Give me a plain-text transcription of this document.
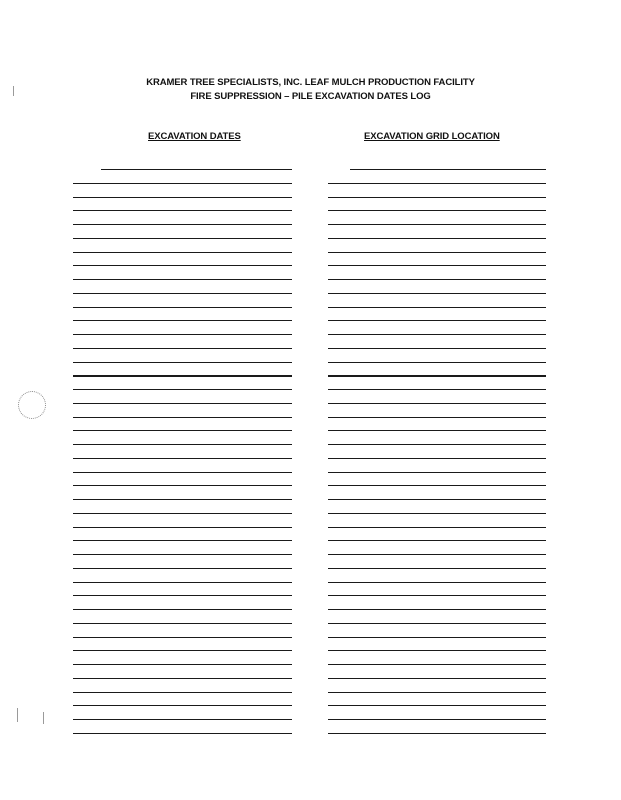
KRAMER TREE SPECIALISTS, INC. LEAF MULCH PRODUCTION FACILITY
FIRE SUPPRESSION – PILE EXCAVATION DATES LOG
EXCAVATION DATES	EXCAVATION GRID LOCATION
